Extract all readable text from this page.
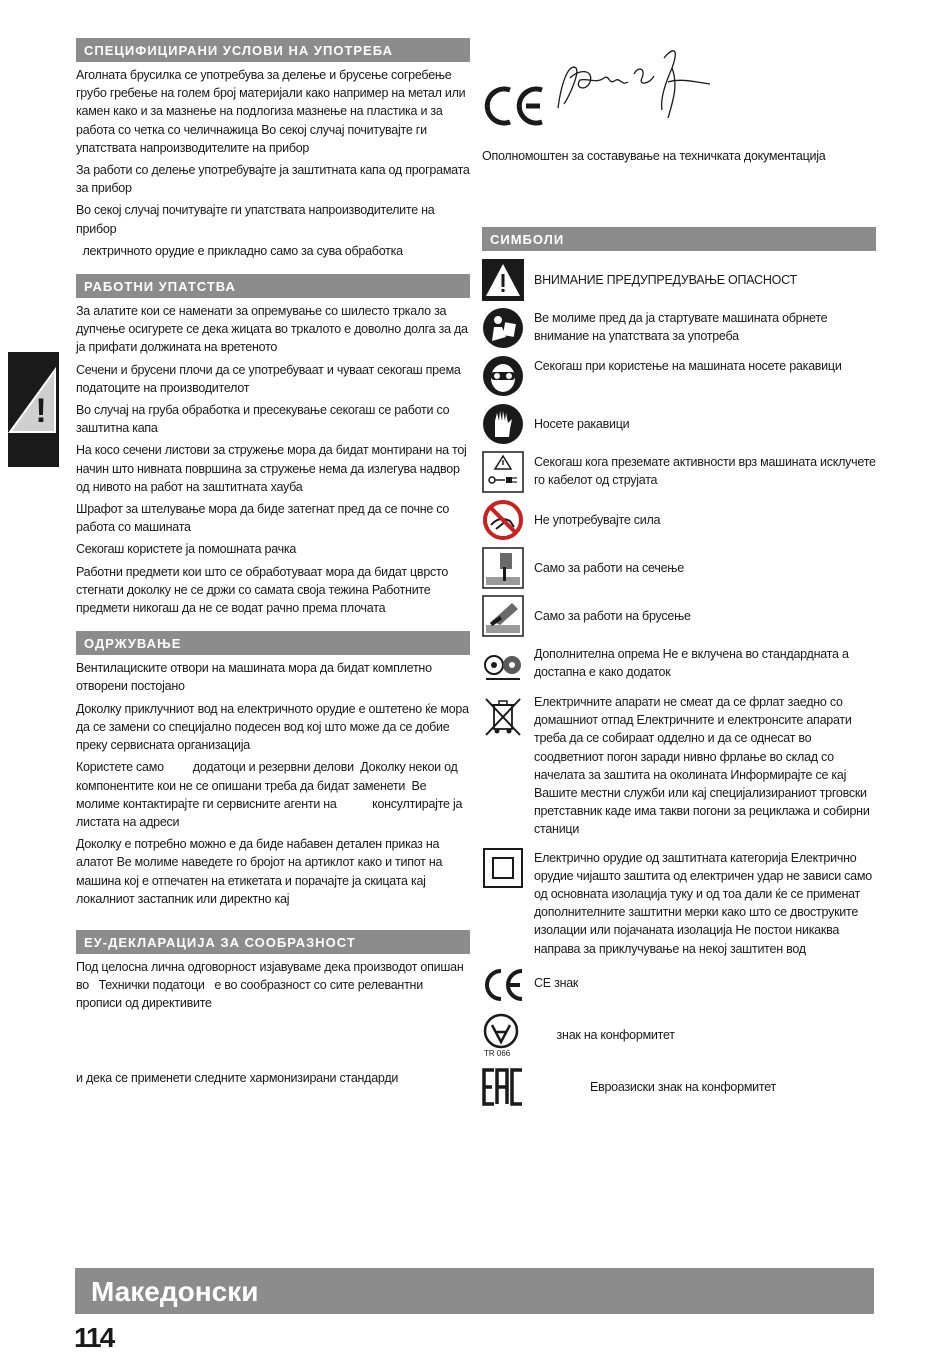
!
СПЕЦИФИЦИРАНИ УСЛОВИ НА УПОТРЕБА

Аголната брусилка се употребува за делење и брусење согребење грубо гребење на голем број материјали како например на метал или камен како и за мазнење на подлогиза мазнење на пластика и за работа со четка со челичнажица Во секој случај почитувајте ги упатствата напроизводителите на прибор

За работи со делење употребувајте ја заштитната капа од програмата за прибор

Во секој случај почитувајте ги упатствата напроизводителите на прибор

лектричното орудие е прикладно само за сува обработка

РАБОТНИ УПАТСТВА

За алатите кои се наменати за опремување со шилесто тркало за дупчење осигурете се дека жицата во тркалото е доволно долга за да ја прифати должината на вретеното

Сечени и брусени плочи да се употребуваат и чуваат секогаш према податоците на производителот

Во случај на груба обработка и пресекување секогаш се работи со заштитна капа

На косо сечени листови за стружење мора да бидат монтирани на тој начин што нивната површина за стружење нема да излегува надвор од нивото на работ на заштитната хауба

Шрафот за штелување мора да биде затегнат пред да се почне со работа со машината

Секогаш користете ја помошната рачка

Работни предмети кои што се обработуваат мора да бидат цврсто стегнати доколку не се држи со самата своја тежина Работните предмети никогаш да не се водат рачно према плочата

ОДРЖУВАЊЕ

Вентилациските отвори на машината мора да бидат комплетно отворени постојано

Доколку приклучниот вод на електричното орудие е оштетено ќе мора да се замени со специјално подесен вод кој што може да се добие преку сервисната организација

Користете само         додатоци и резервни делови  Доколку некои од компонентите кои не се опишани треба да бидат заменети  Ве молиме контактирајте ги сервисните агенти на           консултирајте ја листата на адреси

Доколку е потребно можно е да биде набавен детален приказ на алатот Ве молиме наведете го бројот на артиклот како и типот на машина кој е отпечатен на етикетата и порачајте ја скицата кај локалниот застапник или директно кај

ЕУ-ДЕКЛАРАЦИЈА ЗА СООБРАЗНОСТ

Под целосна лична одговорност изјавуваме дека производот опишан во   Технички податоци   е во сообразност со сите релевантни прописи од директивите

и дека се применети следните хармонизирани стандарди

Ополномоштен за составување на техничката документација
СИМБОЛИ
ВНИМАНИЕ ПРЕДУПРЕДУВАЊЕ ОПАСНОСТ
Ве молиме пред да ја стартувате машината обрнете внимание на упатствата за употреба
Секогаш при користење на машината носете ракавици
Носете ракавици
Секогаш кога преземате активности врз машината исклучете го кабелот од струјата
Не употребувајте сила
Само за работи на сечење
Само за работи на брусење
Дополнителна опрема Не е вклучена во стандардната а достапна е како додаток
Електричните апарати не смеат да се фрлат заедно со домашниот отпад Електричните и електронсите апарати треба да се собираат одделно и да се однесат во соодветниот погон заради нивно фрлање во склад со начелата за заштита на околината Информирајте се кај Вашите местни служби или кај специјализираниот трговски претставник каде има такви погони за рециклажа и собирни станици
Електрично орудие од заштитната категорија Електрично орудие чијашто заштита од електричен удар не зависи само од основната изолација туку и од тоа дали ќе се применат дополнителните заштитни мерки како што се двоструките изолации или појачаната изолација Не постои никаква направа за приклучување на некој заштитен вод
CE знак
TR 066
знак на конформитет
Евроазиски знак на конформитет
Македонски
114
